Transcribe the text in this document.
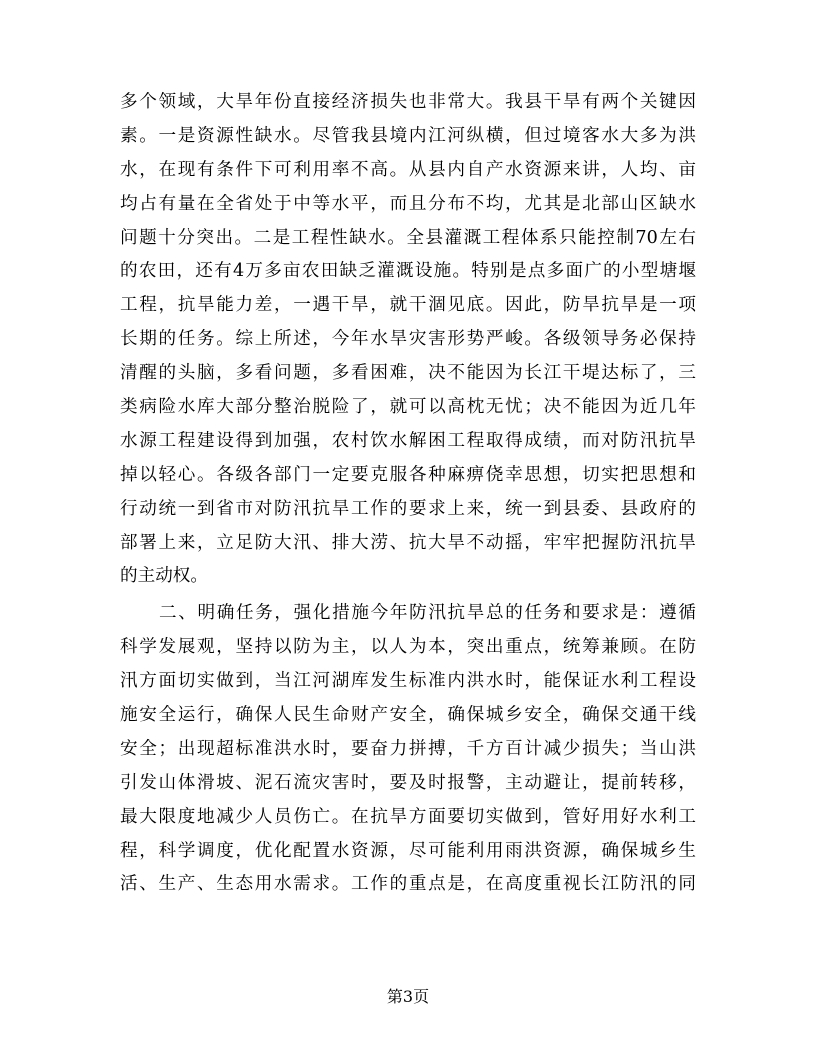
多个领域，大旱年份直接经济损失也非常大。我县干旱有两个关键因
素。一是资源性缺水。尽管我县境内江河纵横，但过境客水大多为洪
水，在现有条件下可利用率不高。从县内自产水资源来讲，人均、亩
均占有量在全省处于中等水平，而且分布不均，尤其是北部山区缺水
问题十分突出。二是工程性缺水。全县灌溉工程体系只能控制70左右
的农田，还有4万多亩农田缺乏灌溉设施。特别是点多面广的小型塘堰
工程，抗旱能力差，一遇干旱，就干涸见底。因此，防旱抗旱是一项
长期的任务。综上所述，今年水旱灾害形势严峻。各级领导务必保持
清醒的头脑，多看问题，多看困难，决不能因为长江干堤达标了，三
类病险水库大部分整治脱险了，就可以高枕无忧；决不能因为近几年
水源工程建设得到加强，农村饮水解困工程取得成绩，而对防汛抗旱
掉以轻心。各级各部门一定要克服各种麻痹侥幸思想，切实把思想和
行动统一到省市对防汛抗旱工作的要求上来，统一到县委、县政府的
部署上来，立足防大汛、排大涝、抗大旱不动摇，牢牢把握防汛抗旱
的主动权。
二、明确任务，强化措施今年防汛抗旱总的任务和要求是：遵循
科学发展观，坚持以防为主，以人为本，突出重点，统筹兼顾。在防
汛方面切实做到，当江河湖库发生标准内洪水时，能保证水利工程设
施安全运行，确保人民生命财产安全，确保城乡安全，确保交通干线
安全；出现超标准洪水时，要奋力拼搏，千方百计减少损失；当山洪
引发山体滑坡、泥石流灾害时，要及时报警，主动避让，提前转移，
最大限度地减少人员伤亡。在抗旱方面要切实做到，管好用好水利工
程，科学调度，优化配置水资源，尽可能利用雨洪资源，确保城乡生
活、生产、生态用水需求。工作的重点是，在高度重视长江防汛的同
第3页
